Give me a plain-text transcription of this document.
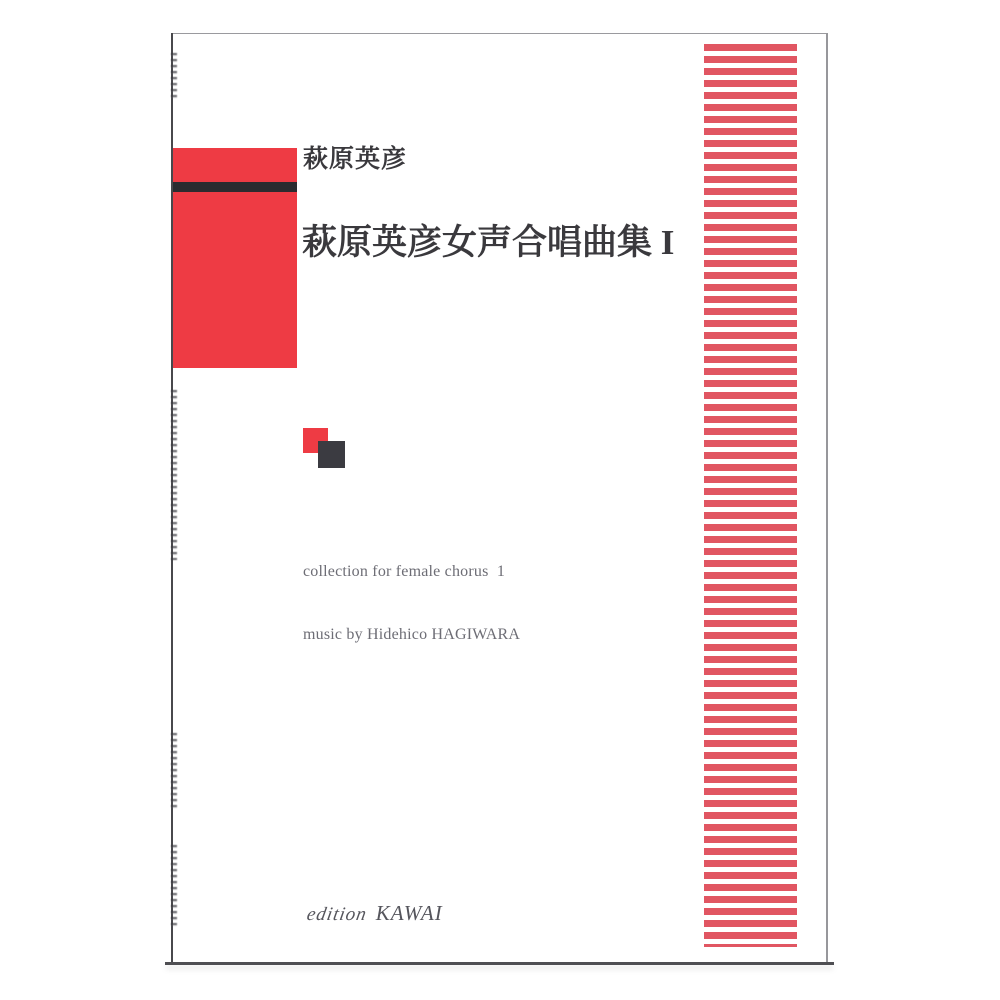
萩原英彦
萩原英彦女声合唱曲集 I

collection for female chorus  1

music by Hidehico HAGIWARA

edition KAWAI
